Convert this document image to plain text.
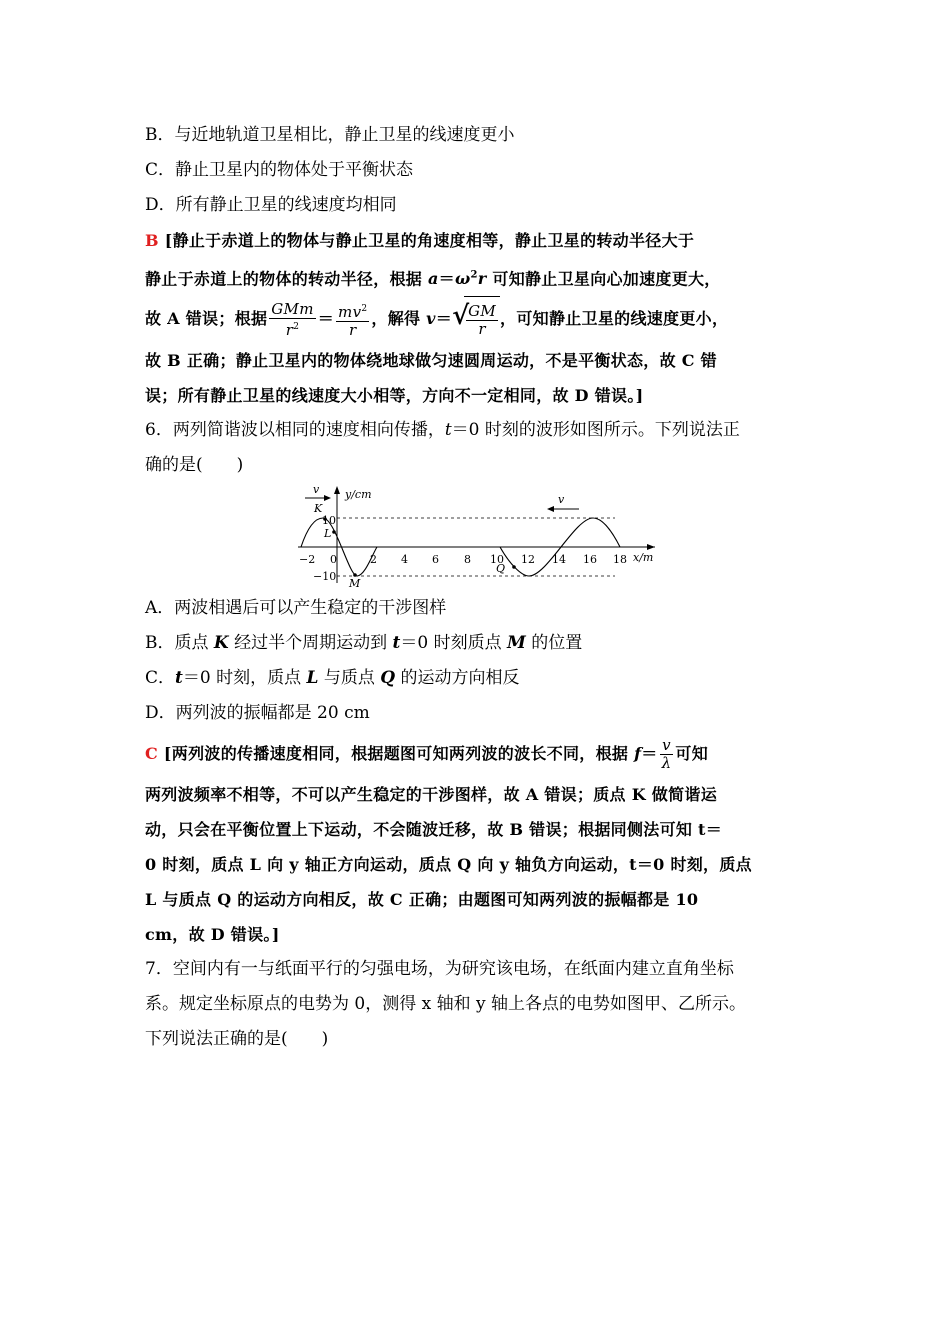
B．与近地轨道卫星相比，静止卫星的线速度更小
C．静止卫星内的物体处于平衡状态
D．所有静止卫星的线速度均相同
B [静止于赤道上的物体与静止卫星的角速度相等，静止卫星的转动半径大于
静止于赤道上的物体的转动半径，根据 $a=\omega^2r$ 可知静止卫星向心加速度更大，
故 A 错误；根据 $\frac{\text{GMm}}{r^2} = \frac{mv^2}{r}$ ，解得 v＝ √
$\frac{GM}{r}$ ，可知静止卫星的线速度更小，
故 B 正确；静止卫星内的物体绕地球做匀速圆周运动，不是平衡状态，故 C 错
误；所有静止卫星的线速度大小相等，方向不一定相同，故 D 错误。]
6．两列简谐波以相同的速度相向传播，t＝0 时刻的波形如图所示。下列说法正
确的是(　　)
y/cm
x/m
v
v
K
L
M
Q
10
−10
−2 0	2 4 6 8 10 12 14 16 18
A．两波相遇后可以产生稳定的干涉图样
B．质点 K 经过半个周期运动到 t＝0 时刻质点 M 的位置
C．t＝0 时刻，质点 L 与质点 Q 的运动方向相反
D．两列波的振幅都是 20 cm
C [两列波的传播速度相同，根据题图可知两列波的波长不同，根据 $f= \frac{v}{\lambda}$ 可知
两列波频率不相等，不可以产生稳定的干涉图样，故 A 错误；质点 K 做简谐运
动，只会在平衡位置上下运动，不会随波迁移，故 B 错误；根据同侧法可知 t＝
0 时刻，质点 L 向 y 轴正方向运动，质点 Q 向 y 轴负方向运动，t＝0 时刻，质点
L 与质点 Q 的运动方向相反，故 C 正确；由题图可知两列波的振幅都是 10
cm，故 D 错误。]
7．空间内有一与纸面平行的匀强电场，为研究该电场，在纸面内建立直角坐标
系。规定坐标原点的电势为 0，测得 x 轴和 y 轴上各点的电势如图甲、乙所示。
下列说法正确的是(　　)
